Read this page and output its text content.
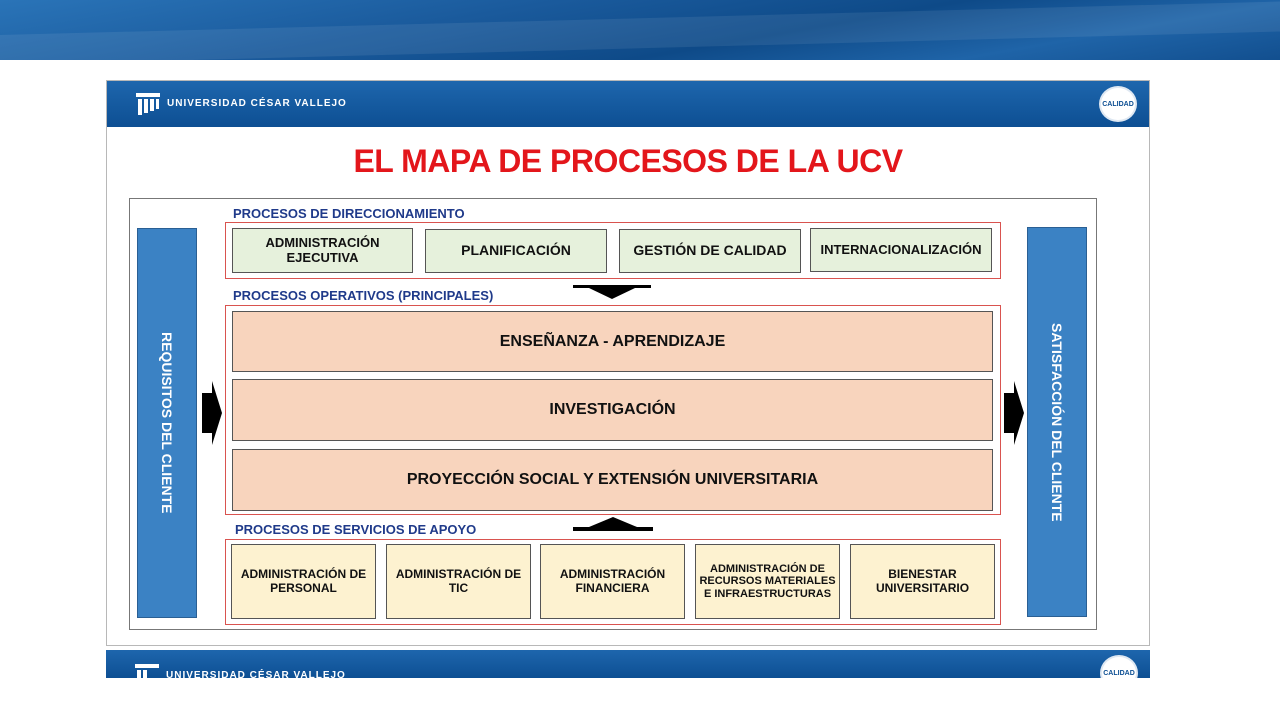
UNIVERSIDAD CÉSAR VALLEJO	CALIDAD
EL MAPA DE PROCESOS DE LA UCV
REQUISITOS DEL CLIENTE	SATISFACCIÓN DEL CLIENTE
PROCESOS DE DIRECCIONAMIENTO
ADMINISTRACIÓN EJECUTIVA	PLANIFICACIÓN	GESTIÓN DE CALIDAD	INTERNACIONALIZACIÓN
PROCESOS OPERATIVOS (PRINCIPALES)
ENSEÑANZA - APRENDIZAJE
INVESTIGACIÓN
PROYECCIÓN SOCIAL Y EXTENSIÓN UNIVERSITARIA
PROCESOS DE SERVICIOS DE APOYO
ADMINISTRACIÓN DE PERSONAL
ADMINISTRACIÓN DE TIC
ADMINISTRACIÓN FINANCIERA
ADMINISTRACIÓN DE RECURSOS MATERIALES E INFRAESTRUCTURAS
BIENESTAR UNIVERSITARIO
UNIVERSIDAD CÉSAR VALLEJO	CALIDAD
